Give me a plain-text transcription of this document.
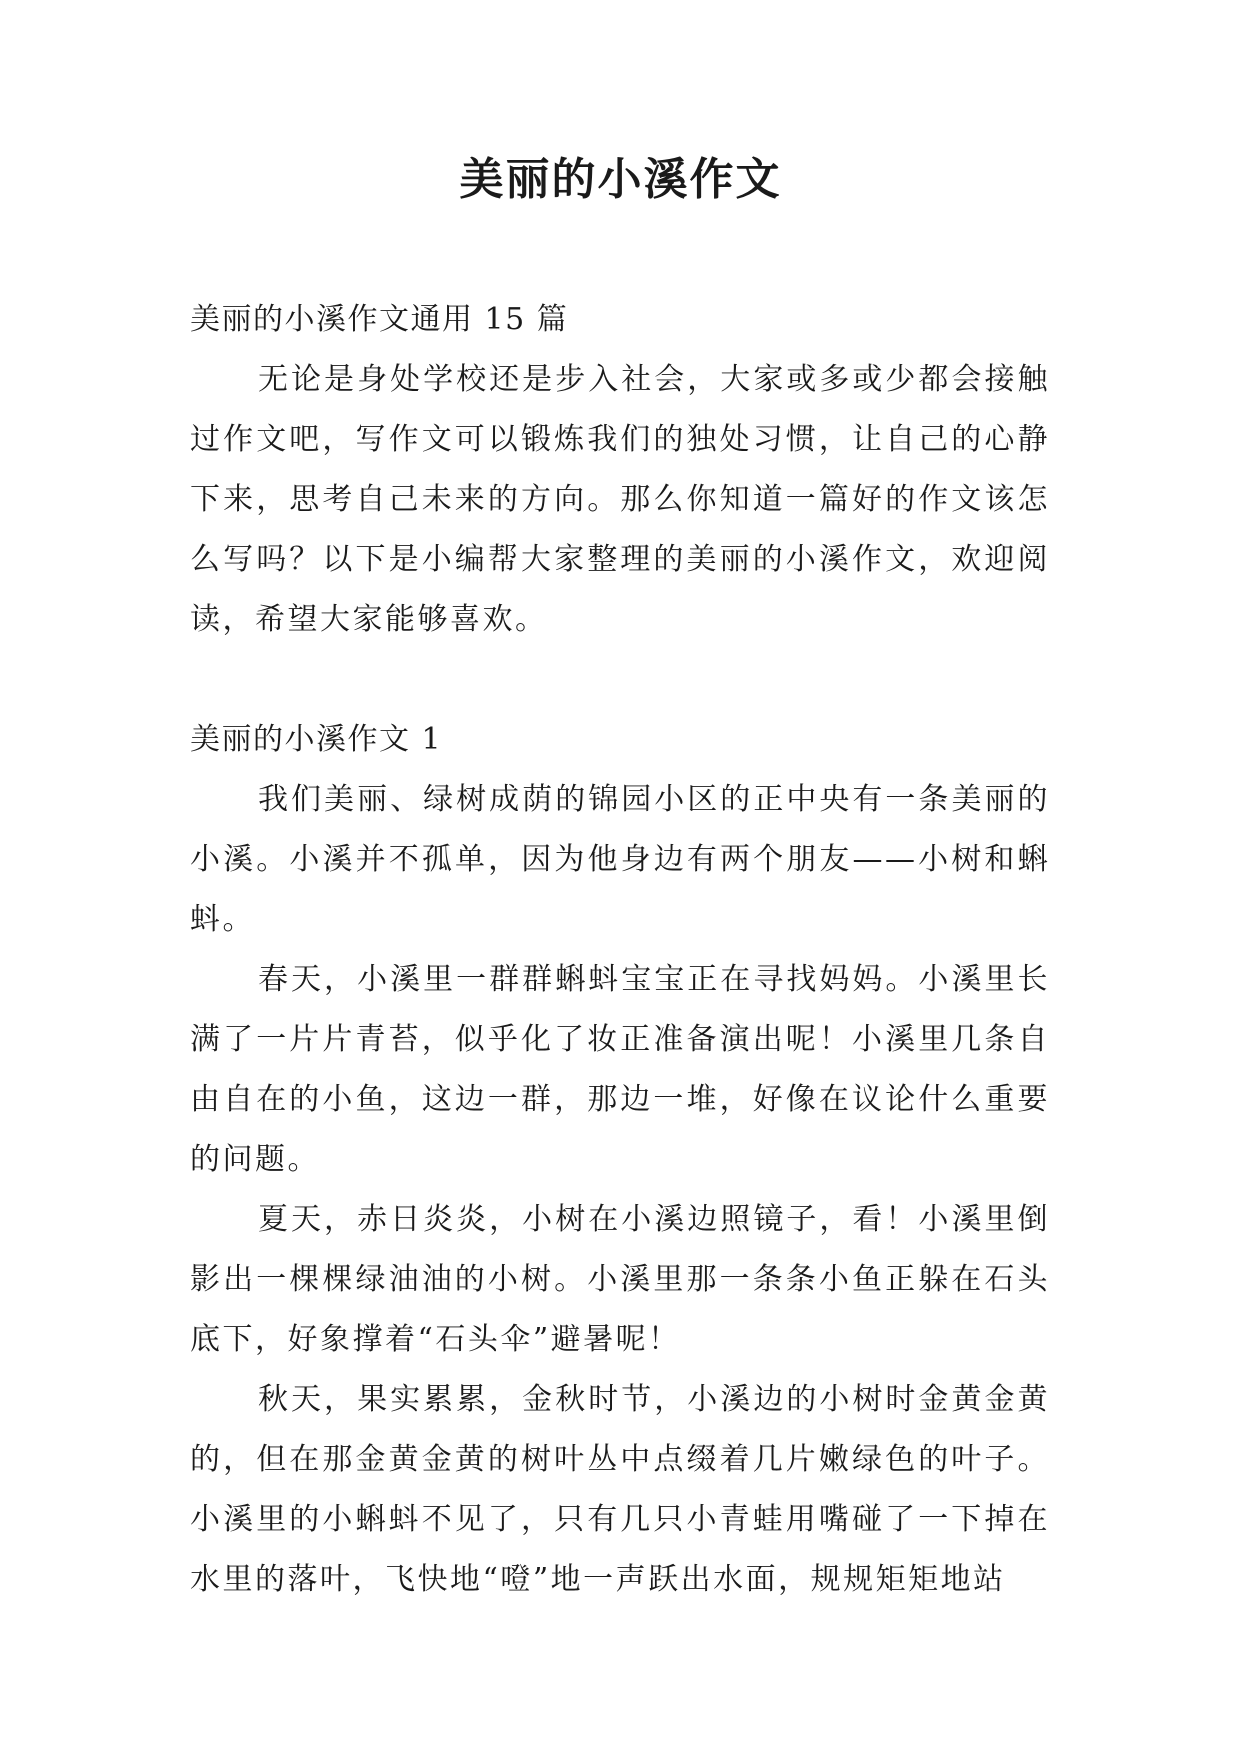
美丽的小溪作文

美丽的小溪作文通用 15 篇

无论是身处学校还是步入社会，大家或多或少都会接触过作文吧，写作文可以锻炼我们的独处习惯，让自己的心静下来，思考自己未来的方向。那么你知道一篇好的作文该怎么写吗？以下是小编帮大家整理的美丽的小溪作文，欢迎阅读，希望大家能够喜欢。

美丽的小溪作文 1

我们美丽、绿树成荫的锦园小区的正中央有一条美丽的小溪。小溪并不孤单，因为他身边有两个朋友——小树和蝌蚪。

春天，小溪里一群群蝌蚪宝宝正在寻找妈妈。小溪里长满了一片片青苔，似乎化了妆正准备演出呢！小溪里几条自由自在的小鱼，这边一群，那边一堆，好像在议论什么重要的问题。

夏天，赤日炎炎，小树在小溪边照镜子，看！小溪里倒影出一棵棵绿油油的小树。小溪里那一条条小鱼正躲在石头底下，好象撑着“石头伞”避暑呢！

秋天，果实累累，金秋时节，小溪边的小树时金黄金黄的，但在那金黄金黄的树叶丛中点缀着几片嫩绿色的叶子。小溪里的小蝌蚪不见了，只有几只小青蛙用嘴碰了一下掉在水里的落叶，飞快地“噔”地一声跃出水面，规规矩矩地站
